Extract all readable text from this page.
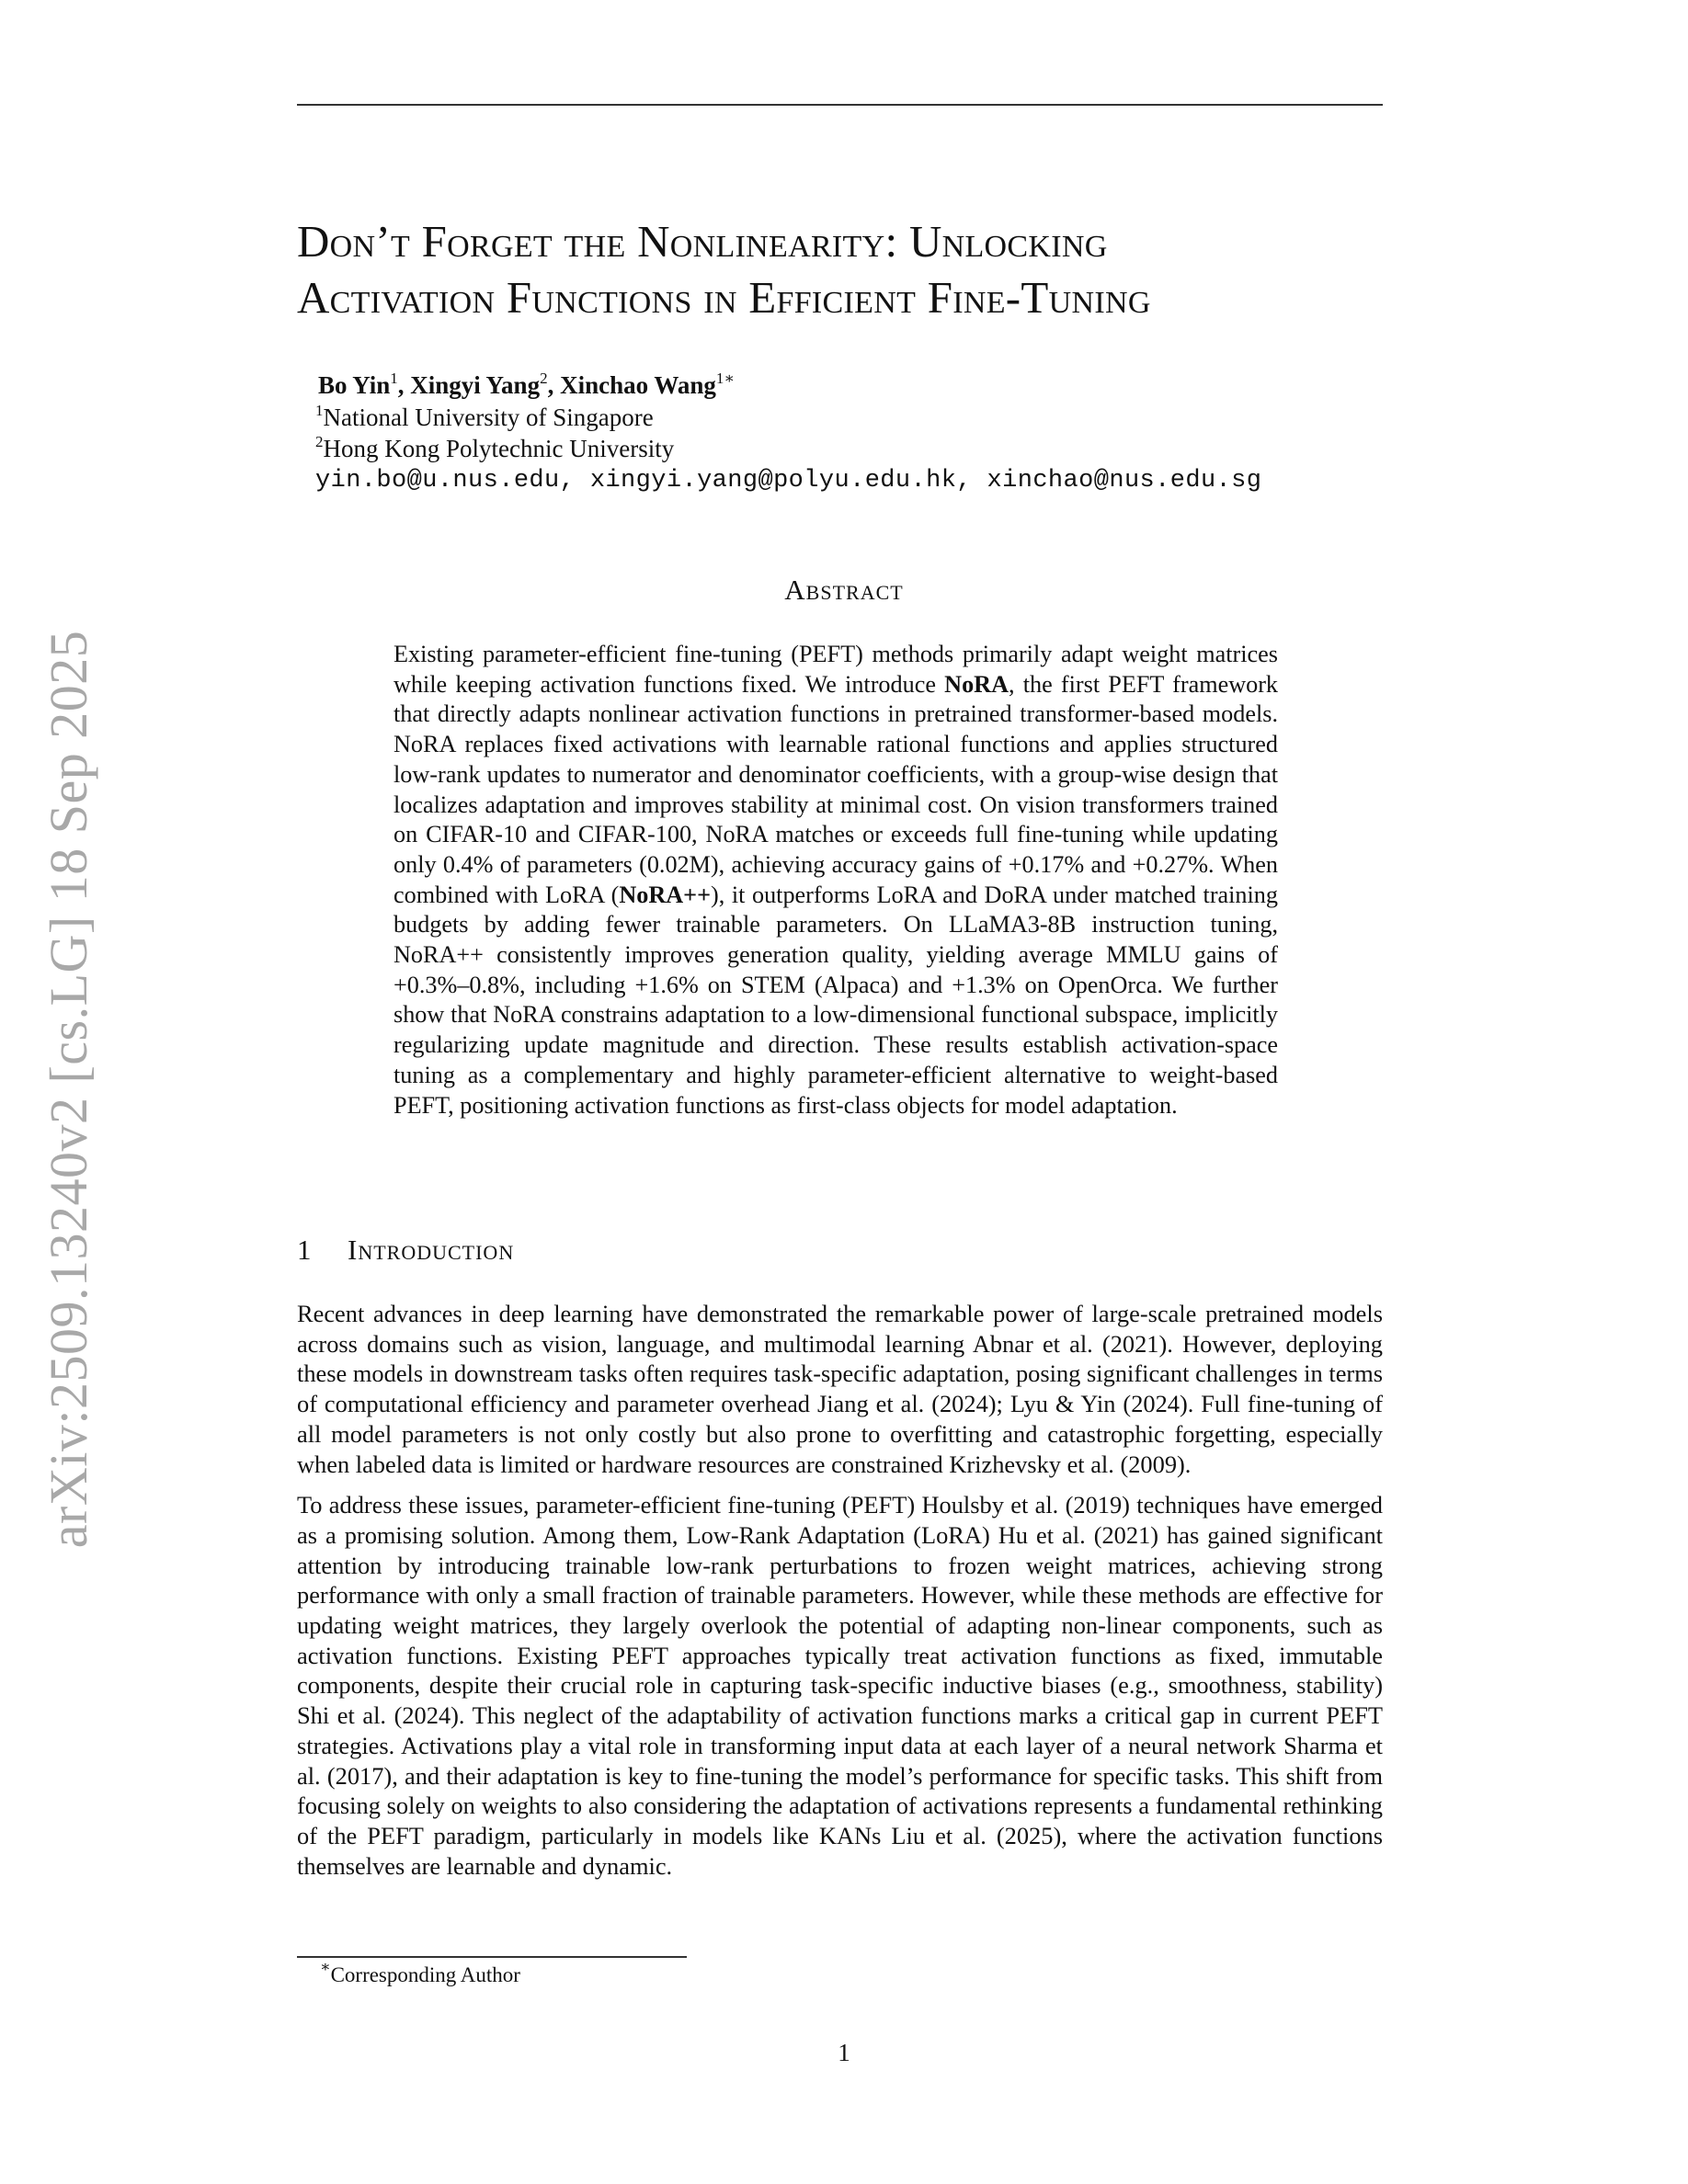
arXiv:2509.13240v2 [cs.LG] 18 Sep 2025
Don’t Forget the Nonlinearity: Unlocking
Activation Functions in Efficient Fine-Tuning
Bo Yin$^1$, Xingyi Yang$^2$, Xinchao Wang$^{1∗}$
$^1$National University of Singapore
$^2$Hong Kong Polytechnic University
yin.bo@u.nus.edu, xingyi.yang@polyu.edu.hk, xinchao@nus.edu.sg
Abstract

Existing parameter-efficient fine-tuning (PEFT) methods primarily adapt weight matrices while keeping activation functions fixed. We introduce NoRA, the first PEFT framework that directly adapts nonlinear activation functions in pretrained transformer-based models. NoRA replaces fixed activations with learnable rational functions and applies structured low-rank updates to numerator and denominator coefficients, with a group-wise design that localizes adaptation and improves stability at minimal cost. On vision transformers trained on CIFAR-10 and CIFAR-100, NoRA matches or exceeds full fine-tuning while updating only 0.4% of parameters (0.02M), achieving accuracy gains of +0.17% and +0.27%. When combined with LoRA (NoRA++), it outperforms LoRA and DoRA under matched training budgets by adding fewer trainable parameters. On LLaMA3-8B instruction tuning, NoRA++ consistently improves generation quality, yielding average MMLU gains of +0.3%–0.8%, including +1.6% on STEM (Alpaca) and +1.3% on OpenOrca. We further show that NoRA constrains adaptation to a low-dimensional functional subspace, implicitly regularizing update magnitude and direction. These results establish activation-space tuning as a complementary and highly parameter-efficient alternative to weight-based PEFT, positioning activation functions as first-class objects for model adaptation.

1 Introduction

Recent advances in deep learning have demonstrated the remarkable power of large-scale pretrained models across domains such as vision, language, and multimodal learning Abnar et al. (2021). However, deploying these models in downstream tasks often requires task-specific adaptation, posing significant challenges in terms of computational efficiency and parameter overhead Jiang et al. (2024); Lyu & Yin (2024). Full fine-tuning of all model parameters is not only costly but also prone to overfitting and catastrophic forgetting, especially when labeled data is limited or hardware resources are constrained Krizhevsky et al. (2009).

To address these issues, parameter-efficient fine-tuning (PEFT) Houlsby et al. (2019) techniques have emerged as a promising solution. Among them, Low-Rank Adaptation (LoRA) Hu et al. (2021) has gained significant attention by introducing trainable low-rank perturbations to frozen weight matrices, achieving strong performance with only a small fraction of trainable parameters. However, while these methods are effective for updating weight matrices, they largely overlook the potential of adapting non-linear components, such as activation functions. Existing PEFT approaches typically treat activation functions as fixed, immutable components, despite their crucial role in capturing task-specific inductive biases (e.g., smoothness, stability) Shi et al. (2024). This neglect of the adaptability of activation functions marks a critical gap in current PEFT strategies. Activations play a vital role in transforming input data at each layer of a neural network Sharma et al. (2017), and their adaptation is key to fine-tuning the model’s performance for specific tasks. This shift from focusing solely on weights to also considering the adaptation of activations represents a fundamental rethinking of the PEFT paradigm, particularly in models like KANs Liu et al. (2025), where the activation functions themselves are learnable and dynamic.

∗Corresponding Author
1
